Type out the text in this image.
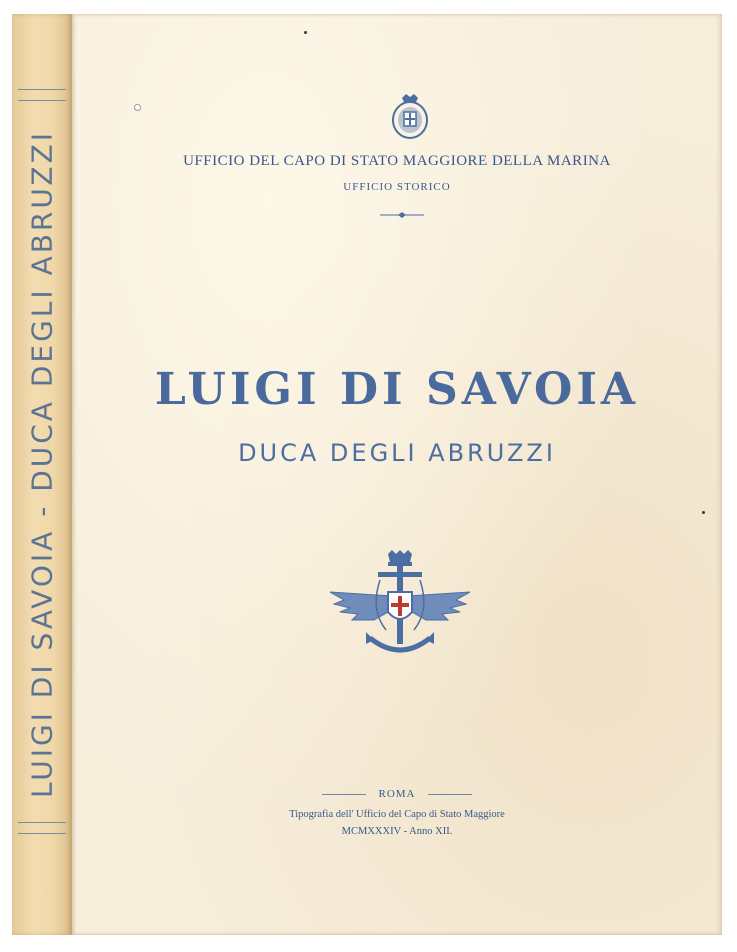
LUIGI DI SAVOIA - DUCA DEGLI ABRUZZI	UFFICIO DEL CAPO DI STATO MAGGIORE DELLA MARINA
UFFICIO STORICO
LUIGI DI SAVOIA
DUCA DEGLI ABRUZZI
ROMA
Tipografia dell' Ufficio del Capo di Stato Maggiore
MCMXXXIV - Anno XII.
